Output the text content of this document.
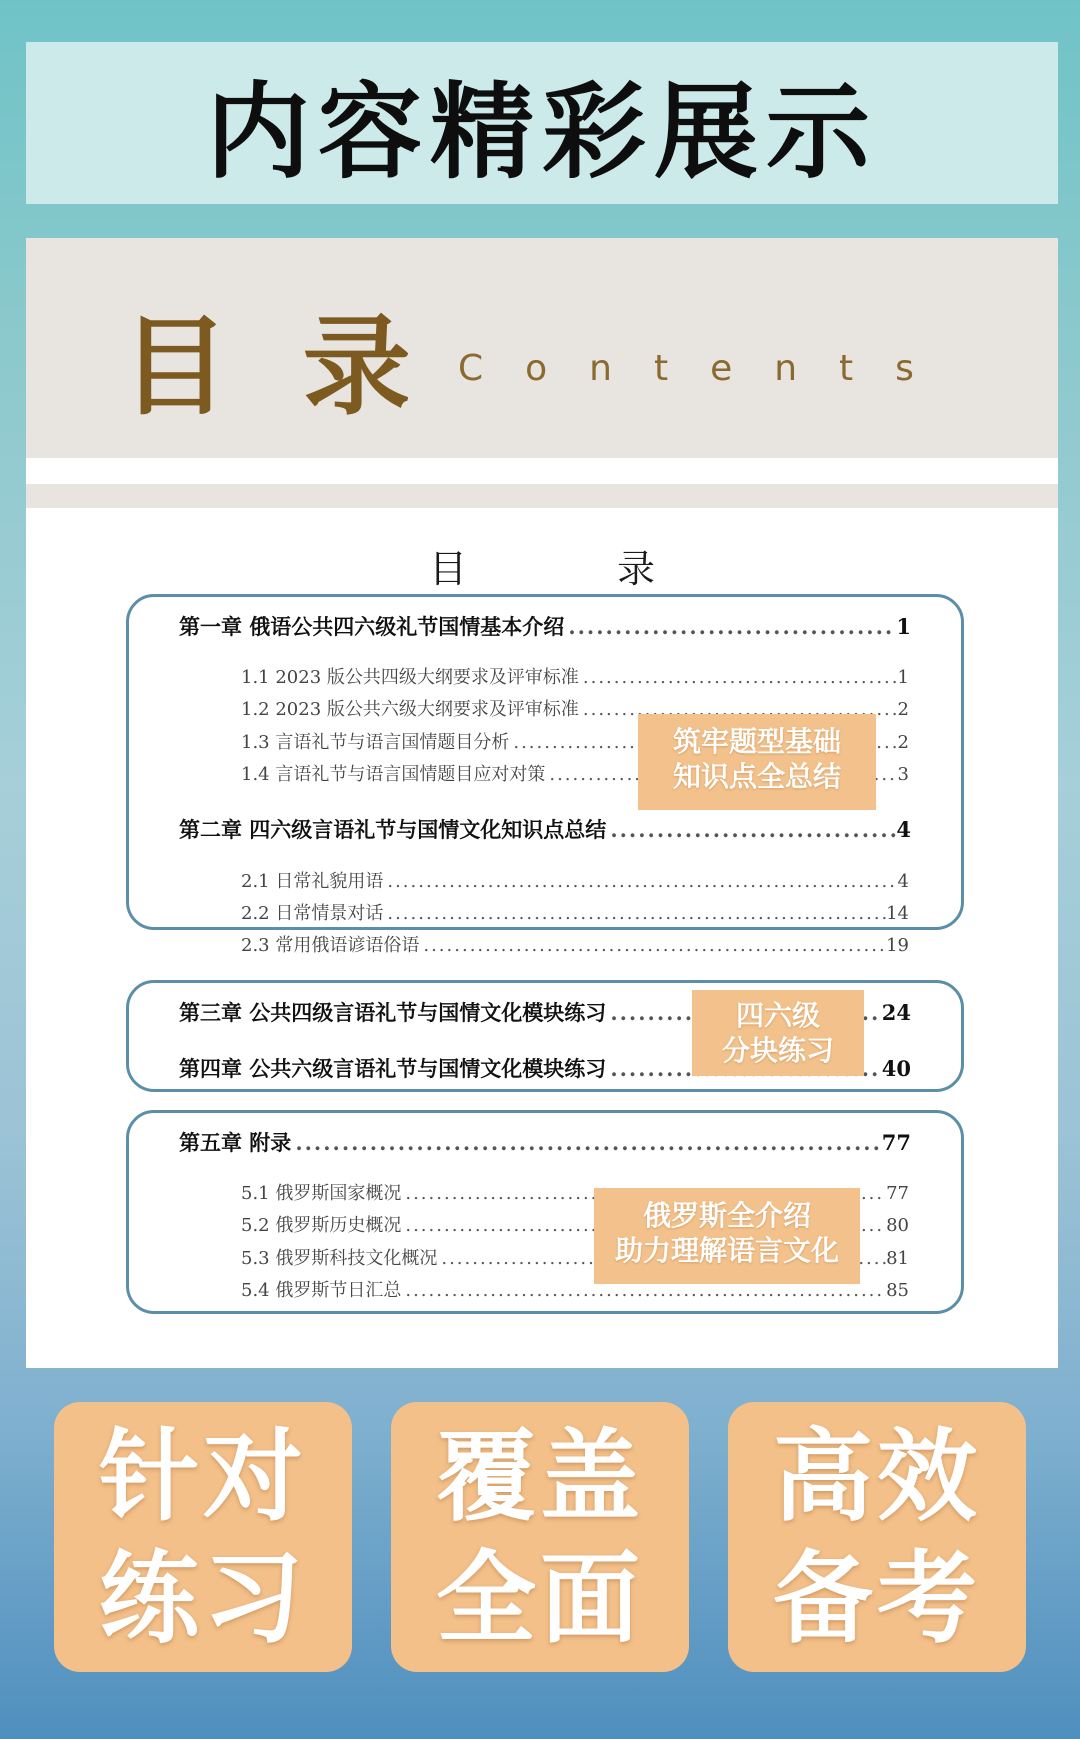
内容精彩展示
目 录 Contents
目	录
第一章 俄语公共四六级礼节国情基本介绍 .....	1
1.1 2023 版公共四级大纲要求及评审标准 .....	1
1.2 2023 版公共六级大纲要求及评审标准 .....	2
1.3 言语礼节与语言国情题目分析 .....	2
1.4 言语礼节与语言国情题目应对对策 .....	3
第二章 四六级言语礼节与国情文化知识点总结 .....	4
2.1 日常礼貌用语 .....	4
2.2 日常情景对话 .....	14
2.3 常用俄语谚语俗语 .....	19
第三章 公共四级言语礼节与国情文化模块练习 .....	24
第四章 公共六级言语礼节与国情文化模块练习 .....	40
第五章 附录 .....	77
5.1 俄罗斯国家概况 .....	77
5.2 俄罗斯历史概况 .....	80
5.3 俄罗斯科技文化概况 .....	81
5.4 俄罗斯节日汇总 .....	85
筑牢题型基础
知识点全总结
四六级
分块练习
俄罗斯全介绍
助力理解语言文化
针对
练习
覆盖
全面
高效
备考
